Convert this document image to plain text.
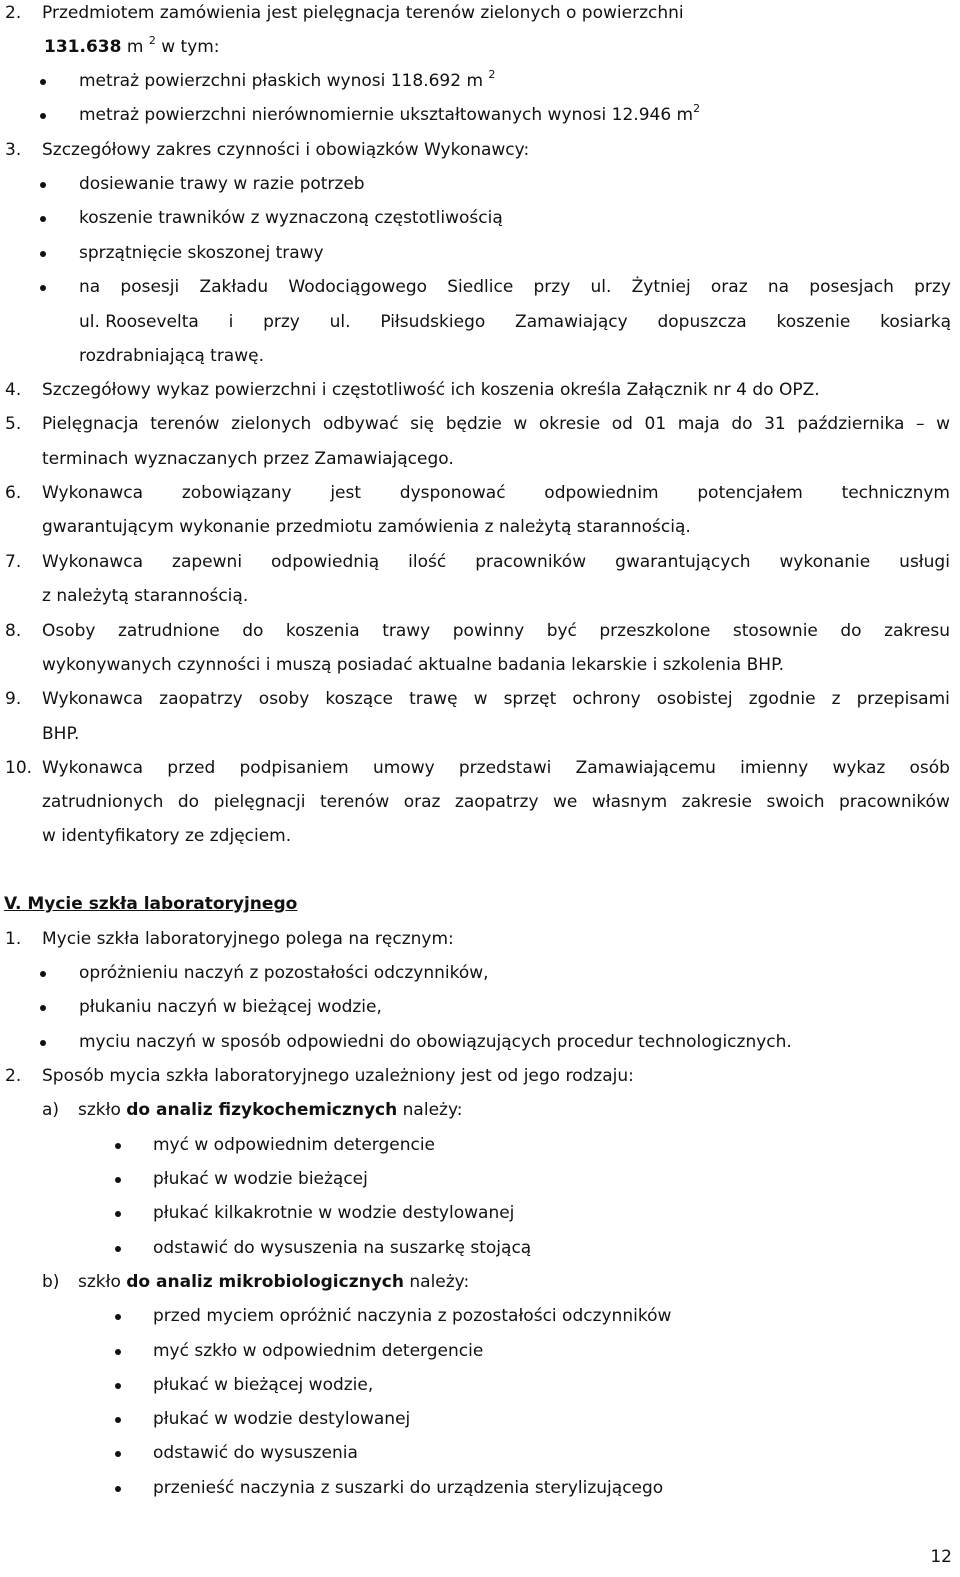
2. Przedmiotem zamówienia jest pielęgnacja terenów zielonych o powierzchni
131.638 m $^2$ w tym:
metraż powierzchni płaskich wynosi 118.692 m $^2$
metraż powierzchni nierównomiernie ukształtowanych wynosi 12.946 $m^2$
3. Szczegółowy zakres czynności i obowiązków Wykonawcy:
dosiewanie trawy w razie potrzeb
koszenie trawników z wyznaczoną częstotliwością
sprzątnięcie skoszonej trawy
na posesji Zakładu Wodociągowego Siedlice przy ul. Żytniej oraz na posesjach przy
ul. Roosevelta i przy ul. Piłsudskiego Zamawiający dopuszcza koszenie kosiarką
rozdrabniającą trawę.
4. Szczegółowy wykaz powierzchni i częstotliwość ich koszenia określa Załącznik nr 4 do OPZ.
5. Pielęgnacja terenów zielonych odbywać się będzie w okresie od 01 maja do 31 października – w
terminach wyznaczanych przez Zamawiającego.
6. Wykonawca zobowiązany jest dysponować odpowiednim potencjałem technicznym
gwarantującym wykonanie przedmiotu zamówienia z należytą starannością.
7. Wykonawca zapewni odpowiednią ilość pracowników gwarantujących wykonanie usługi
z należytą starannością.
8. Osoby zatrudnione do koszenia trawy powinny być przeszkolone stosownie do zakresu
wykonywanych czynności i muszą posiadać aktualne badania lekarskie i szkolenia BHP.
9. Wykonawca zaopatrzy osoby koszące trawę w sprzęt ochrony osobistej zgodnie z przepisami
BHP.
10. Wykonawca przed podpisaniem umowy przedstawi Zamawiającemu imienny wykaz osób
zatrudnionych do pielęgnacji terenów oraz zaopatrzy we własnym zakresie swoich pracowników
w identyfikatory ze zdjęciem.
V. Mycie szkła laboratoryjnego
1. Mycie szkła laboratoryjnego polega na ręcznym:
opróżnieniu naczyń z pozostałości odczynników,
płukaniu naczyń w bieżącej wodzie,
myciu naczyń w sposób odpowiedni do obowiązujących procedur technologicznych.
2. Sposób mycia szkła laboratoryjnego uzależniony jest od jego rodzaju:
a) szkło do analiz fizykochemicznych należy:
myć w odpowiednim detergencie
płukać w wodzie bieżącej
płukać kilkakrotnie w wodzie destylowanej
odstawić do wysuszenia na suszarkę stojącą
b) szkło do analiz mikrobiologicznych należy:
przed myciem opróżnić naczynia z pozostałości odczynników
myć szkło w odpowiednim detergencie
płukać w bieżącej wodzie,
płukać w wodzie destylowanej
odstawić do wysuszenia
przenieść naczynia z suszarki do urządzenia sterylizującego
12
